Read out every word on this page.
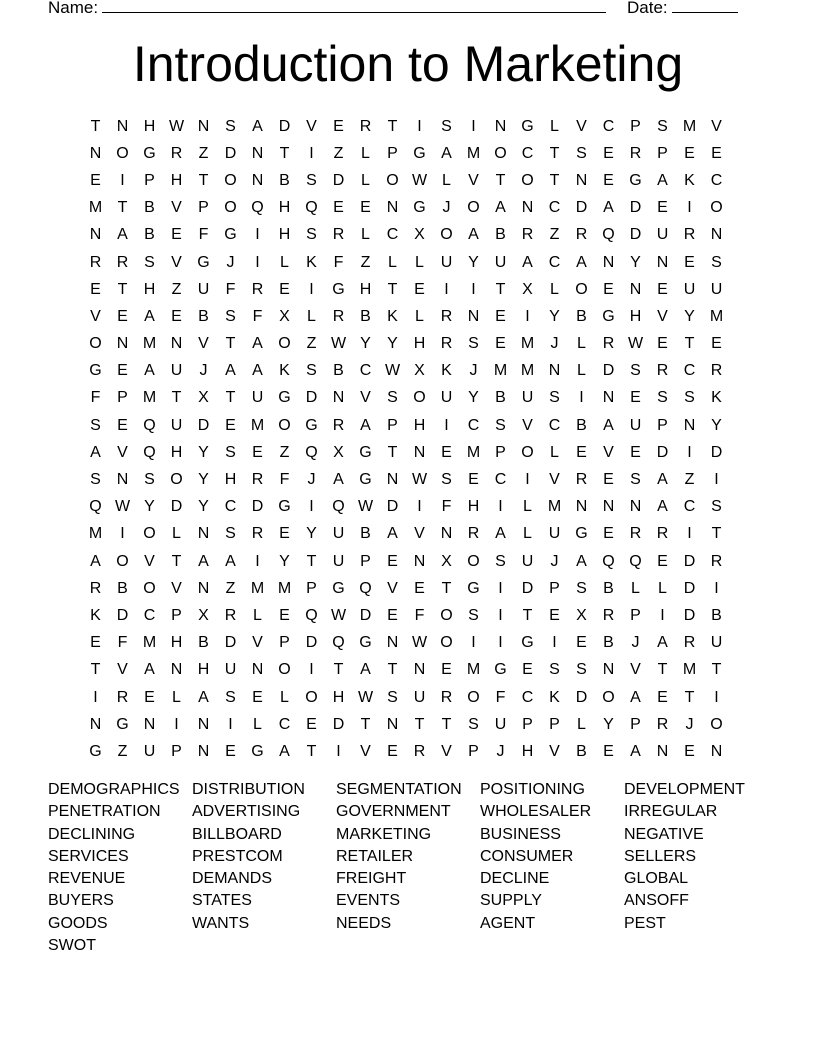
Name:	Date:
Introduction to Marketing
T	N H W N S	A D V	E R	T	I	S	I	N G	L	V C P	S M V
N O G R	Z	D N	T	I	Z	L	P G A M O C	T	S	E R P	E	E
E	I	P H	T O N B	S D	L	O W L	V	T O T	N E G A	K C
M T	B	V	P O Q H Q E	E N G	J	O A N C D A D E	I	O
N A	B	E	F G	I	H S R	L	C X O A	B R	Z	R Q D U R N
R R S	V G	J	I	L	K	F	Z	L	L	U Y U A C A N Y N E	S
E	T	H	Z	U	F	R E	I	G H	T	E	I	I	T	X	L	O E N E U U
V	E	A	E	B	S	F	X	L	R B	K	L	R N E	I	Y	B G H V	Y M
O N M N V	T	A O Z W Y	Y H R S	E M	J	L	R W E	T	E
G E	A U	J	A	A	K	S	B C W X	K	J	M M N	L	D S R C R
F	P M T	X	T	U G D N V	S O U Y	B U S	I	N E	S	S	K
S	E Q U D E M O G R A	P H	I	C S	V C B	A U P N Y
A	V Q H Y	S	E	Z Q X G T	N E M P O	L	E	V	E D	I	D
S N S O Y H R	F	J	A G N W S	E C	I	V R E	S	A	Z	I
Q W Y D Y C D G	I	Q W D	I	F	H	I	L M N N N A C S
M	I	O	L	N S R E	Y U B	A	V N R A	L	U G E R R	I	T
A O V	T	A	A	I	Y	T	U P	E N X O S U	J	A Q Q E D R
R B O V N	Z M M P G Q V	E	T G	I	D P	S	B	L	L	D	I
K D C P	X R	L	E Q W D E	F O S	I	T	E	X R P	I	D B
E	F M H B D V	P D Q G N W O	I	I	G	I	E	B	J	A R U
T	V	A N H U N O	I	T	A	T	N E M G E	S	S N V	T M T
I	R E	L	A	S	E	L	O H W S U R O F	C K D O A	E	T	I
N G N	I	N	I	L	C E D	T	N	T	T	S U P	P	L	Y	P R	J	O
G Z	U P N E G A	T	I	V	E R V	P	J	H V	B	E	A N E N
DEMOGRAPHICS DISTRIBUTION	SEGMENTATION	POSITIONING	DEVELOPMENT
PENETRATION	ADVERTISING	GOVERNMENT	WHOLESALER	IRREGULAR
DECLINING	BILLBOARD	MARKETING	BUSINESS	NEGATIVE
SERVICES	PRESTCOM	RETAILER	CONSUMER	SELLERS
REVENUE	DEMANDS	FREIGHT	DECLINE	GLOBAL
BUYERS	STATES	EVENTS	SUPPLY	ANSOFF
GOODS	WANTS	NEEDS	AGENT	PEST
SWOT
